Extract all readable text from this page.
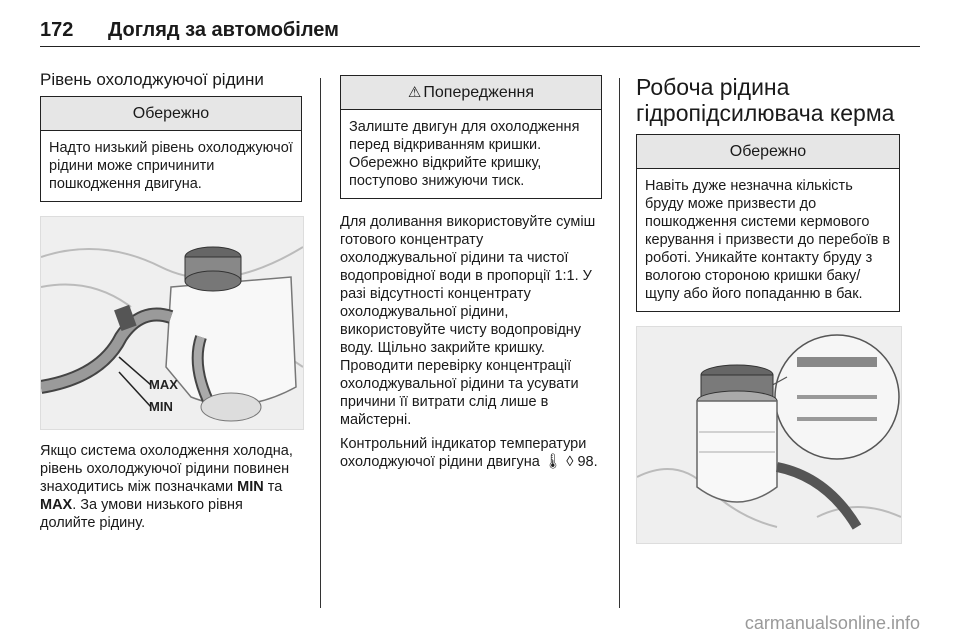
172	Догляд за автомобілем
Рівень охолоджуючої рідини
Обережно
Надто низький рівень охолоджуючої рідини може спричинити пошкодження двигуна.
MAX
MIN

Якщо система охолодження холодна, рівень охолоджуючої рідини повинен знаходитись між позначками MIN та MAX. За умови низького рівня долийте рідину.

⚠ Попередження
Залиште двигун для охолодження перед відкриванням кришки. Обережно відкрийте кришку, поступово знижуючи тиск.

Для доливання використовуйте суміш готового концентрату охолоджувальної рідини та чистої водопровідної води в пропорції 1:1. У разі відсутності концентрату охолоджувальної рідини, використовуйте чисту водопровідну воду. Щільно закрийте кришку. Проводити перевірку концентрації охолоджувальної рідини та усувати причини її витрати слід лише в майстерні.

Контрольний індикатор температури охолоджуючої рідини двигуна 🌡 ◊ 98.

Робоча рідина гідропідсилювача керма
Обережно
Навіть дуже незначна кількість бруду може призвести до пошкодження системи кермового керування і призвести до перебоїв в роботі. Уникайте контакту бруду з вологою стороною кришки баку/щупу або його попаданню в бак.
carmanualsonline.info
